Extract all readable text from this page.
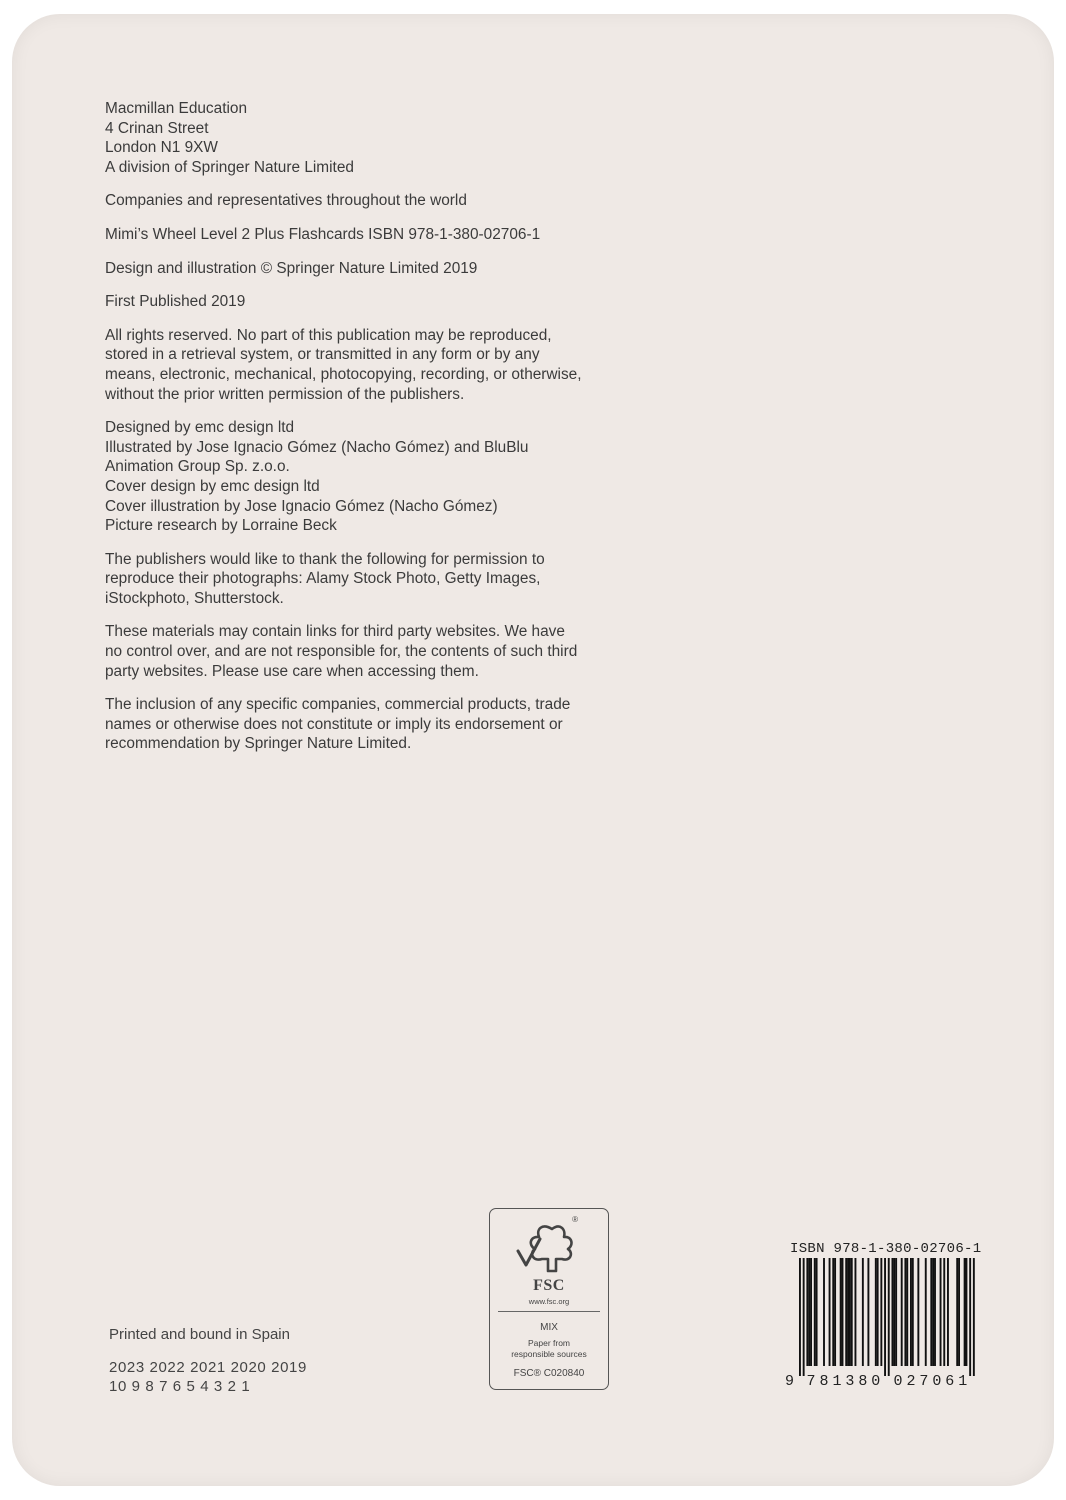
Macmillan Education
4 Crinan Street
London N1 9XW
A division of Springer Nature Limited

Companies and representatives throughout the world

Mimi’s Wheel Level 2 Plus Flashcards ISBN 978-1-380-02706-1

Design and illustration © Springer Nature Limited 2019

First Published 2019

All rights reserved. No part of this publication may be reproduced,
stored in a retrieval system, or transmitted in any form or by any
means, electronic, mechanical, photocopying, recording, or otherwise,
without the prior written permission of the publishers.

Designed by emc design ltd
Illustrated by Jose Ignacio Gómez (Nacho Gómez) and BluBlu
Animation Group Sp. z.o.o.
Cover design by emc design ltd
Cover illustration by Jose Ignacio Gómez (Nacho Gómez)
Picture research by Lorraine Beck

The publishers would like to thank the following for permission to
reproduce their photographs: Alamy Stock Photo, Getty Images,
iStockphoto, Shutterstock.

These materials may contain links for third party websites. We have
no control over, and are not responsible for, the contents of such third
party websites. Please use care when accessing them.

The inclusion of any specific companies, commercial products, trade
names or otherwise does not constitute or imply its endorsement or
recommendation by Springer Nature Limited.

Printed and bound in Spain
2023 2022 2021 2020 2019
10 9 8 7 6 5 4 3 2 1
®
FSC
www.fsc.org
MIX
Paper from
responsible sources
FSC® C020840
ISBN 978-1-380-02706-1
9 7 8 1 3 8 0 0 2 7 0 6 1
